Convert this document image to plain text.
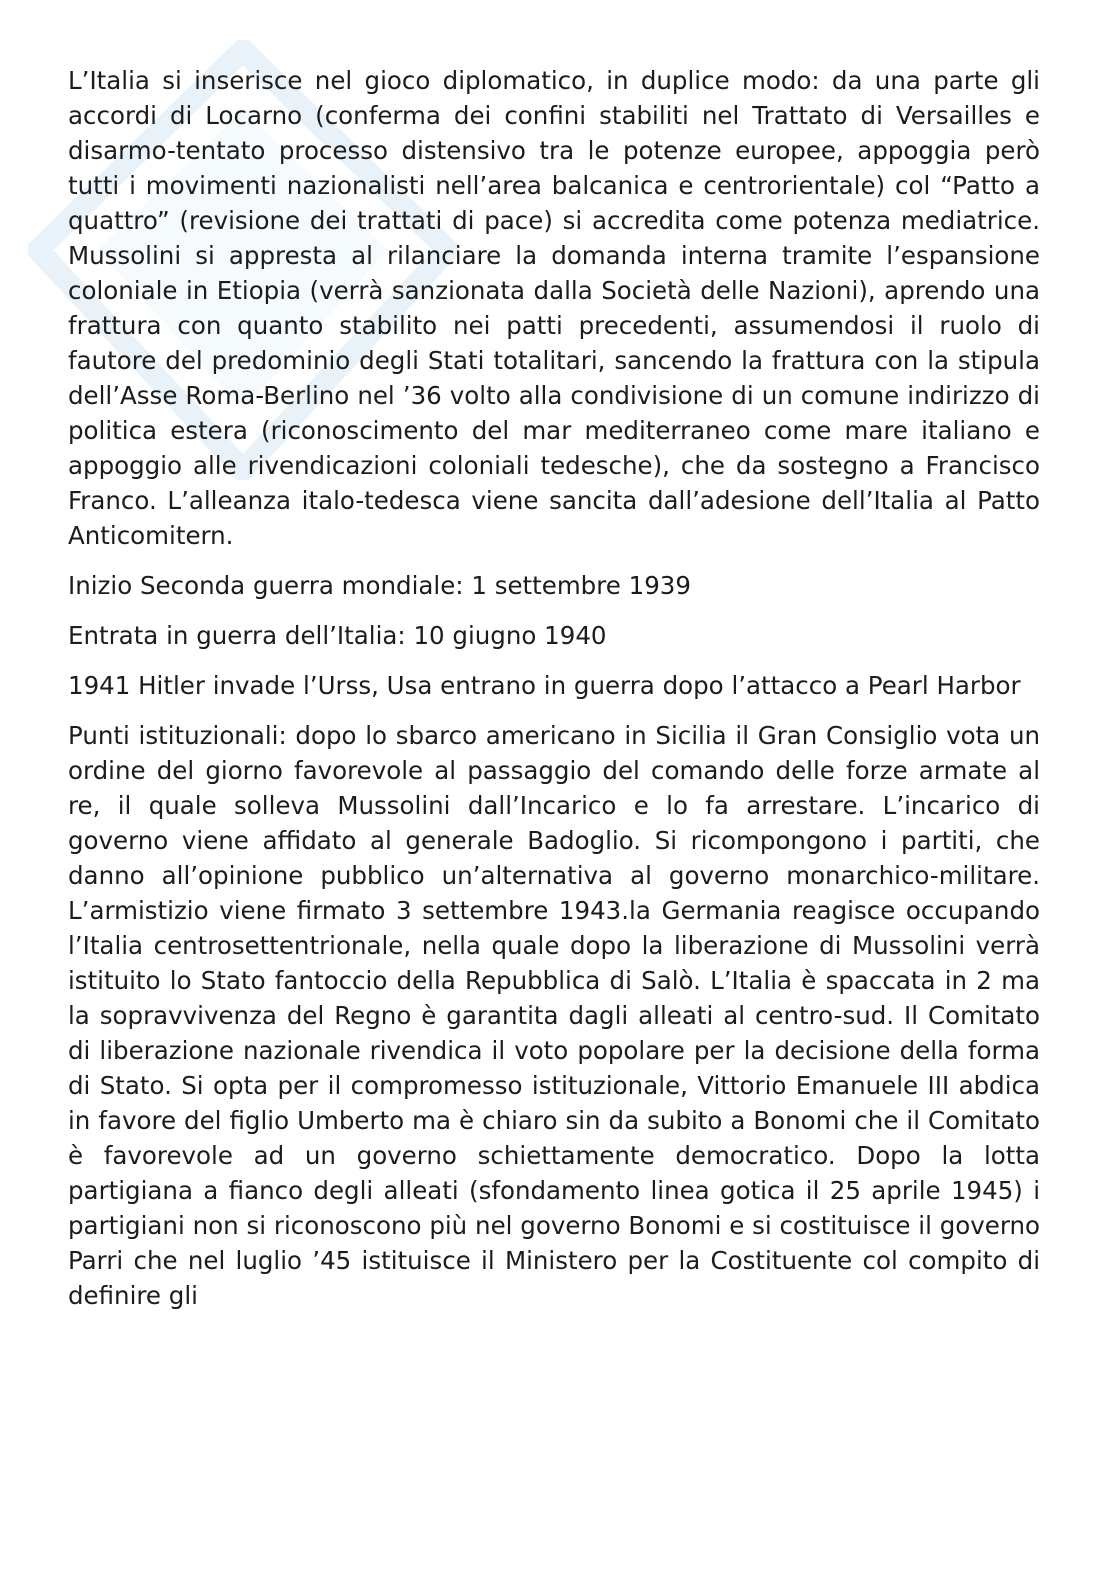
L’Italia si inserisce nel gioco diplomatico, in duplice modo: da una parte gli accordi di Locarno (conferma dei confini stabiliti nel Trattato di Versailles e disarmo-tentato processo distensivo tra le potenze europee, appoggia però tutti i movimenti nazionalisti nell’area balcanica e centrorientale) col “Patto a quattro” (revisione dei trattati di pace) si accredita come potenza mediatrice. Mussolini si appresta al rilanciare la domanda interna tramite l’espansione coloniale in Etiopia (verrà sanzionata dalla Società delle Nazioni), aprendo una frattura con quanto stabilito nei patti precedenti, assumendosi il ruolo di fautore del predominio degli Stati totalitari, sancendo la frattura con la stipula dell’Asse Roma-Berlino nel ’36 volto alla condivisione di un comune indirizzo di politica estera (riconoscimento del mar mediterraneo come mare italiano e appoggio alle rivendicazioni coloniali tedesche), che da sostegno a Francisco Franco. L’alleanza italo-tedesca viene sancita dall’adesione dell’Italia al Patto Anticomitern.

Inizio Seconda guerra mondiale: 1 settembre 1939

Entrata in guerra dell’Italia: 10 giugno 1940

1941 Hitler invade l’Urss, Usa entrano in guerra dopo l’attacco a Pearl Harbor

Punti istituzionali: dopo lo sbarco americano in Sicilia il Gran Consiglio vota un ordine del giorno favorevole al passaggio del comando delle forze armate al re, il quale solleva Mussolini dall’Incarico e lo fa arrestare. L’incarico di governo viene affidato al generale Badoglio. Si ricompongono i partiti, che danno all’opinione pubblico un’alternativa al governo monarchico-militare. L’armistizio viene firmato 3 settembre 1943.la Germania reagisce occupando l’Italia centrosettentrionale, nella quale dopo la liberazione di Mussolini verrà istituito lo Stato fantoccio della Repubblica di Salò. L’Italia è spaccata in 2 ma la sopravvivenza del Regno è garantita dagli alleati al centro-sud. Il Comitato di liberazione nazionale rivendica il voto popolare per la decisione della forma di Stato. Si opta per il compromesso istituzionale, Vittorio Emanuele III abdica in favore del figlio Umberto ma è chiaro sin da subito a Bonomi che il Comitato è favorevole ad un governo schiettamente democratico. Dopo la lotta partigiana a fianco degli alleati (sfondamento linea gotica il 25 aprile 1945) i partigiani non si riconoscono più nel governo Bonomi e si costituisce il governo Parri che nel luglio ’45 istituisce il Ministero per la Costituente col compito di definire gli
